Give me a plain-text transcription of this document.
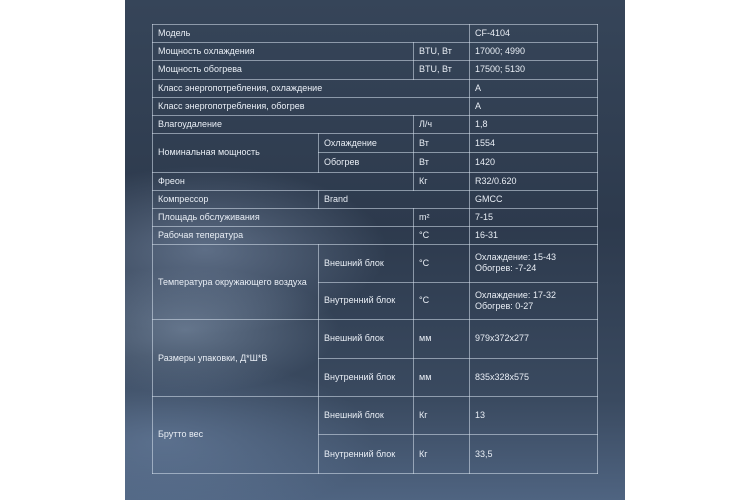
Модель			CF-4104
Мощность охлаждения		BTU, Вт	17000; 4990
Мощность обогрева		BTU, Вт	17500; 5130
Класс энергопотребления, охлаждение			А
Класс энергопотребления, обогрев			А
Влагоудаление		Л/ч	1,8
Номинальная мощность	Охлаждение	Вт	1554
	Обогрев	Вт	1420
Фреон		Кг	R32/0.620
Компрессор	Brand		GMCC
Площадь обслуживания		m²	7-15
Рабочая тепература		°C	16-31
Температура окружающего воздуха	Внешний блок	°C	Охлаждение: 15-43
Обогрев: -7-24
	Внутренний блок	°C	Охлаждение: 17-32
Обогрев: 0-27
Размеры упаковки, Д*Ш*В	Внешний блок	мм	979x372x277
	Внутренний блок	мм	835x328x575
Брутто вес	Внешний блок	Кг	13
	Внутренний блок	Кг	33,5
